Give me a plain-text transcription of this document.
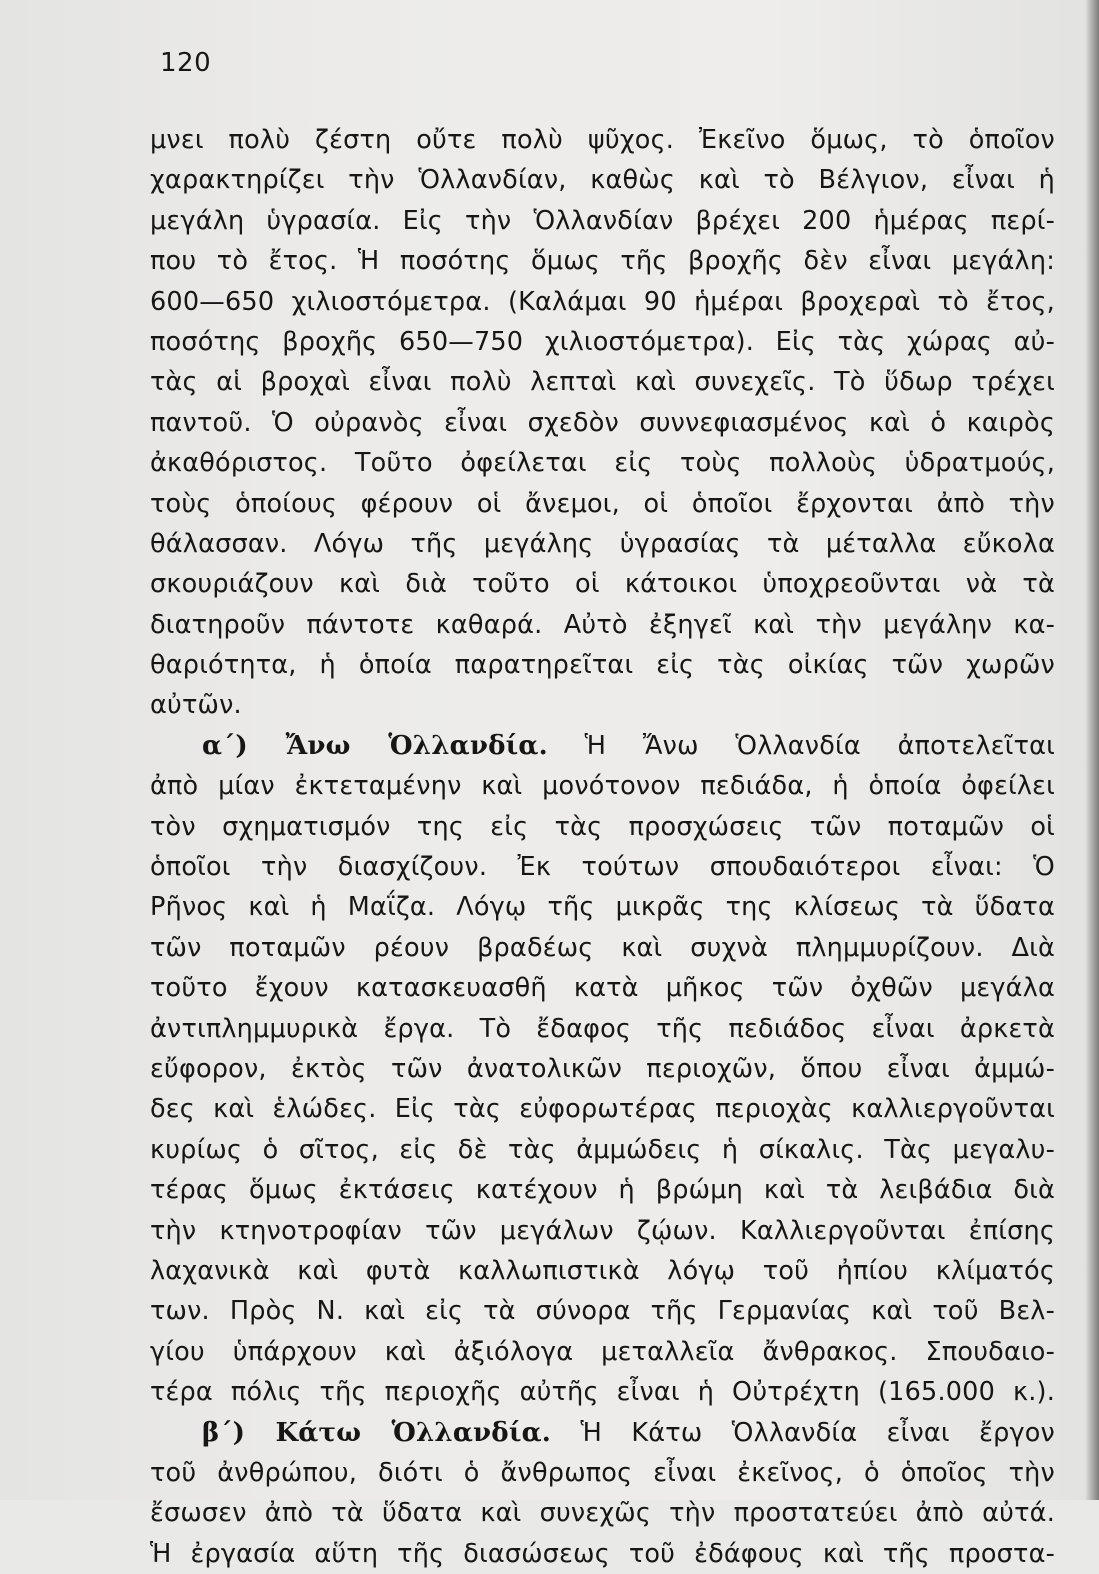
120
μνει πολὺ ζέστη οὔτε πολὺ ψῦχος. Ἐκεῖνο ὅμως, τὸ ὁποῖον
χαρακτηρίζει τὴν Ὁλλανδίαν, καθὼς καὶ τὸ Βέλγιον, εἶναι ἡ
μεγάλη ὑγρασία. Εἰς τὴν Ὁλλανδίαν βρέχει 200 ἡμέρας περί-
που τὸ ἔτος. Ἡ ποσότης ὅμως τῆς βροχῆς δὲν εἶναι μεγάλη:
600—650 χιλιοστόμετρα. (Καλάμαι 90 ἡμέραι βροχεραὶ τὸ ἔτος,
ποσότης βροχῆς 650—750 χιλιοστόμετρα). Εἰς τὰς χώρας αὐ-
τὰς αἱ βροχαὶ εἶναι πολὺ λεπταὶ καὶ συνεχεῖς. Τὸ ὕδωρ τρέχει
παντοῦ. Ὁ οὐρανὸς εἶναι σχεδὸν συννεφιασμένος καὶ ὁ καιρὸς
ἀκαθόριστος. Τοῦτο ὀφείλεται εἰς τοὺς πολλοὺς ὑδρατμούς,
τοὺς ὁποίους φέρουν οἱ ἄνεμοι, οἱ ὁποῖοι ἔρχονται ἀπὸ τὴν
θάλασσαν. Λόγω τῆς μεγάλης ὑγρασίας τὰ μέταλλα εὔκολα
σκουριάζουν καὶ διὰ τοῦτο οἱ κάτοικοι ὑποχρεοῦνται νὰ τὰ
διατηροῦν πάντοτε καθαρά. Αὐτὸ ἐξηγεῖ καὶ τὴν μεγάλην κα-
θαριότητα, ἡ ὁποία παρατηρεῖται εἰς τὰς οἰκίας τῶν χωρῶν
αὐτῶν.
α΄) Ἄνω Ὁλλανδία. Ἡ Ἄνω Ὁλλανδία ἀποτελεῖται
ἀπὸ μίαν ἐκτεταμένην καὶ μονότονον πεδιάδα, ἡ ὁποία ὀφείλει
τὸν σχηματισμόν της εἰς τὰς προσχώσεις τῶν ποταμῶν οἱ
ὁποῖοι τὴν διασχίζουν. Ἐκ τούτων σπουδαιότεροι εἶναι: Ὁ
Ρῆνος καὶ ἡ Μαΐζα. Λόγῳ τῆς μικρᾶς της κλίσεως τὰ ὕδατα
τῶν ποταμῶν ρέουν βραδέως καὶ συχνὰ πλημμυρίζουν. Διὰ
τοῦτο ἔχουν κατασκευασθῆ κατὰ μῆκος τῶν ὀχθῶν μεγάλα
ἀντιπλημμυρικὰ ἔργα. Τὸ ἔδαφος τῆς πεδιάδος εἶναι ἀρκετὰ
εὔφορον, ἐκτὸς τῶν ἀνατολικῶν περιοχῶν, ὅπου εἶναι ἀμμώ-
δες καὶ ἑλώδες. Εἰς τὰς εὐφορωτέρας περιοχὰς καλλιεργοῦνται
κυρίως ὁ σῖτος, εἰς δὲ τὰς ἀμμώδεις ἡ σίκαλις. Τὰς μεγαλυ-
τέρας ὅμως ἐκτάσεις κατέχουν ἡ βρώμη καὶ τὰ λειβάδια διὰ
τὴν κτηνοτροφίαν τῶν μεγάλων ζῴων. Καλλιεργοῦνται ἐπίσης
λαχανικὰ καὶ φυτὰ καλλωπιστικὰ λόγῳ τοῦ ἠπίου κλίματός
των. Πρὸς Ν. καὶ εἰς τὰ σύνορα τῆς Γερμανίας καὶ τοῦ Βελ-
γίου ὑπάρχουν καὶ ἀξιόλογα μεταλλεῖα ἄνθρακος. Σπουδαιο-
τέρα πόλις τῆς περιοχῆς αὐτῆς εἶναι ἡ Οὐτρέχτη (165.000 κ.).
β΄) Κάτω Ὁλλανδία. Ἡ Κάτω Ὁλλανδία εἶναι ἔργον
τοῦ ἀνθρώπου, διότι ὁ ἄνθρωπος εἶναι ἐκεῖνος, ὁ ὁποῖος τὴν
ἔσωσεν ἀπὸ τὰ ὕδατα καὶ συνεχῶς τὴν προστατεύει ἀπὸ αὐτά.
Ἡ ἐργασία αὕτη τῆς διασώσεως τοῦ ἐδάφους καὶ τῆς προστα-
